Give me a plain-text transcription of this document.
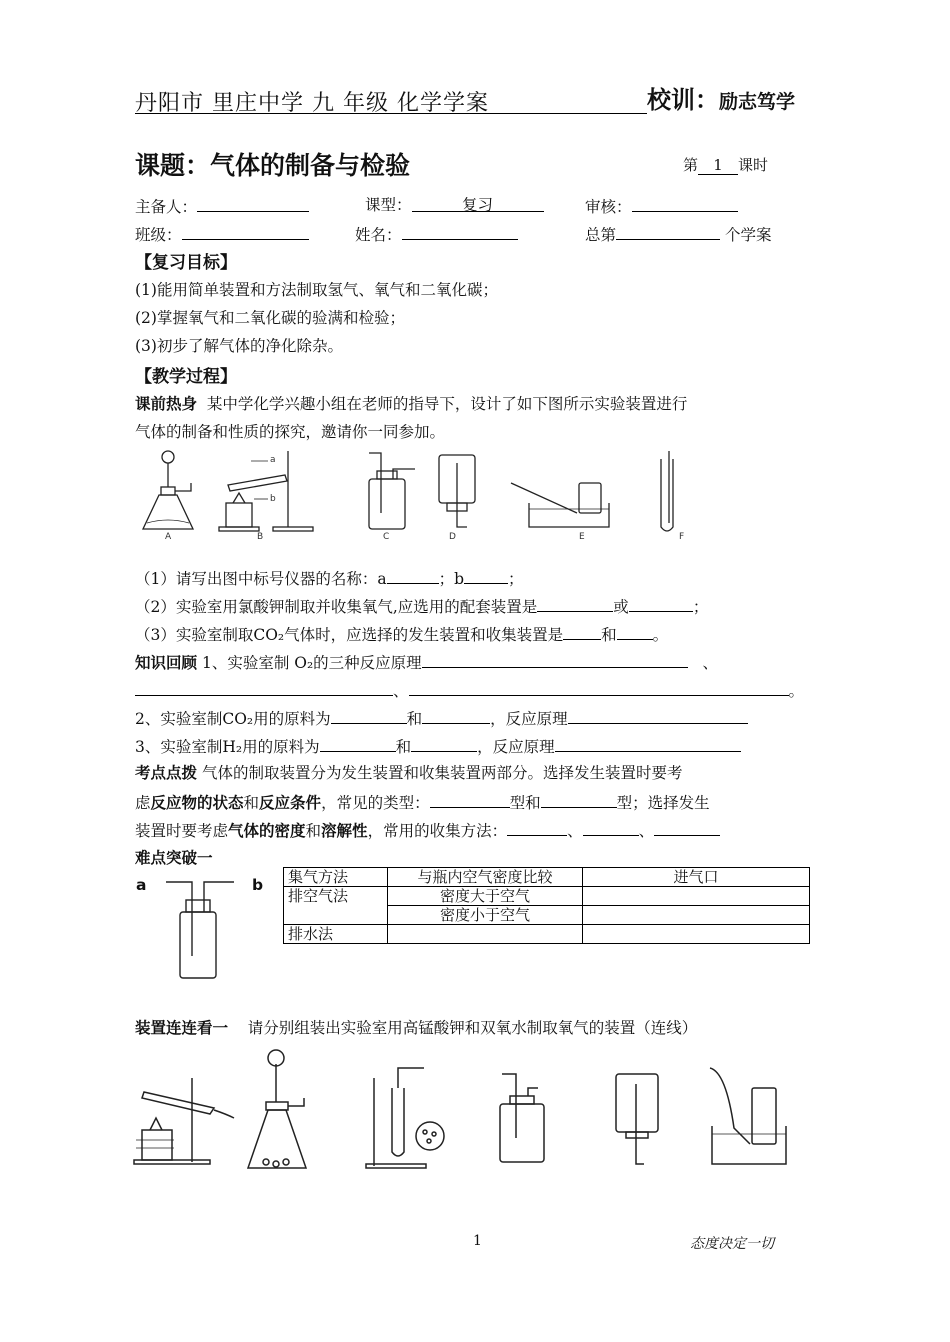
丹阳市 里庄中学 九 年级 化学学案	校训：励志笃学
课题：气体的制备与检验	第 1 课时
主备人：	课型：	复习	审核：
班级：	姓名：	总第	个学案
【复习目标】
(1)能用简单装置和方法制取氢气、氧气和二氧化碳；
(2)掌握氧气和二氧化碳的验满和检验；
(3)初步了解气体的净化除杂。
【教学过程】
课前热身 某中学化学兴趣小组在老师的指导下，设计了如下图所示实验装置进行
气体的制备和性质的探究，邀请你一同参加。
A	B	C	D	E	F
a
b
（1）请写出图中标号仪器的名称：a	；b	；
（2）实验室用氯酸钾制取并收集氧气,应选用的配套装置是	或	；
（3）实验室制取CO₂气体时，应选择的发生装置和收集装置是 和 。
知识回顾 1、实验室制 O₂的三种反应原理	、
、	。
2、实验室制CO₂用的原料为	和	，反应原理
3、实验室制H₂用的原料为	和	，反应原理
考点点拨 气体的制取装置分为发生装置和收集装置两部分。选择发生装置时要考
虑反应物的状态和反应条件，常见的类型：	型和	型；选择发生
装置时要考虑气体的密度和溶解性，常用的收集方法：	、	、
难点突破一
a	b 集气方法	与瓶内空气密度比较	进气口
排空气法	密度大于空气	
	密度小于空气	
排水法		
装置连连看一 请分别组装出实验室用高锰酸钾和双氧水制取氧气的装置（连线）
1	态度决定一切
